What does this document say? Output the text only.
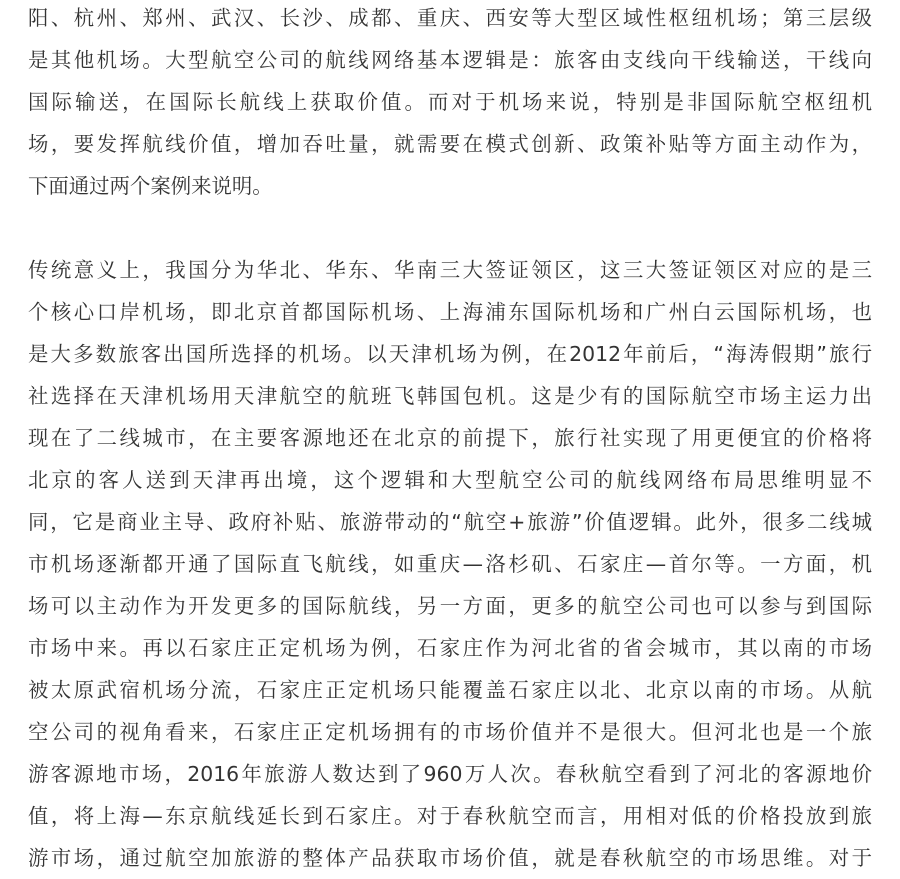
阳、杭州、郑州、武汉、长沙、成都、重庆、西安等大型区域性枢纽机场；第三层级
是其他机场。大型航空公司的航线网络基本逻辑是：旅客由支线向干线输送，干线向
国际输送，在国际长航线上获取价值。而对于机场来说，特别是非国际航空枢纽机
场，要发挥航线价值，增加吞吐量，就需要在模式创新、政策补贴等方面主动作为，
下面通过两个案例来说明。
传统意义上，我国分为华北、华东、华南三大签证领区，这三大签证领区对应的是三
个核心口岸机场，即北京首都国际机场、上海浦东国际机场和广州白云国际机场，也
是大多数旅客出国所选择的机场。以天津机场为例，在2012年前后，“海涛假期”旅行
社选择在天津机场用天津航空的航班飞韩国包机。这是少有的国际航空市场主运力出
现在了二线城市，在主要客源地还在北京的前提下，旅行社实现了用更便宜的价格将
北京的客人送到天津再出境，这个逻辑和大型航空公司的航线网络布局思维明显不
同，它是商业主导、政府补贴、旅游带动的“航空+旅游”价值逻辑。此外，很多二线城
市机场逐渐都开通了国际直飞航线，如重庆—洛杉矶、石家庄—首尔等。一方面，机
场可以主动作为开发更多的国际航线，另一方面，更多的航空公司也可以参与到国际
市场中来。再以石家庄正定机场为例，石家庄作为河北省的省会城市，其以南的市场
被太原武宿机场分流，石家庄正定机场只能覆盖石家庄以北、北京以南的市场。从航
空公司的视角看来，石家庄正定机场拥有的市场价值并不是很大。但河北也是一个旅
游客源地市场，2016年旅游人数达到了960万人次。春秋航空看到了河北的客源地价
值，将上海—东京航线延长到石家庄。对于春秋航空而言，用相对低的价格投放到旅
游市场，通过航空加旅游的整体产品获取市场价值，就是春秋航空的市场思维。对于
